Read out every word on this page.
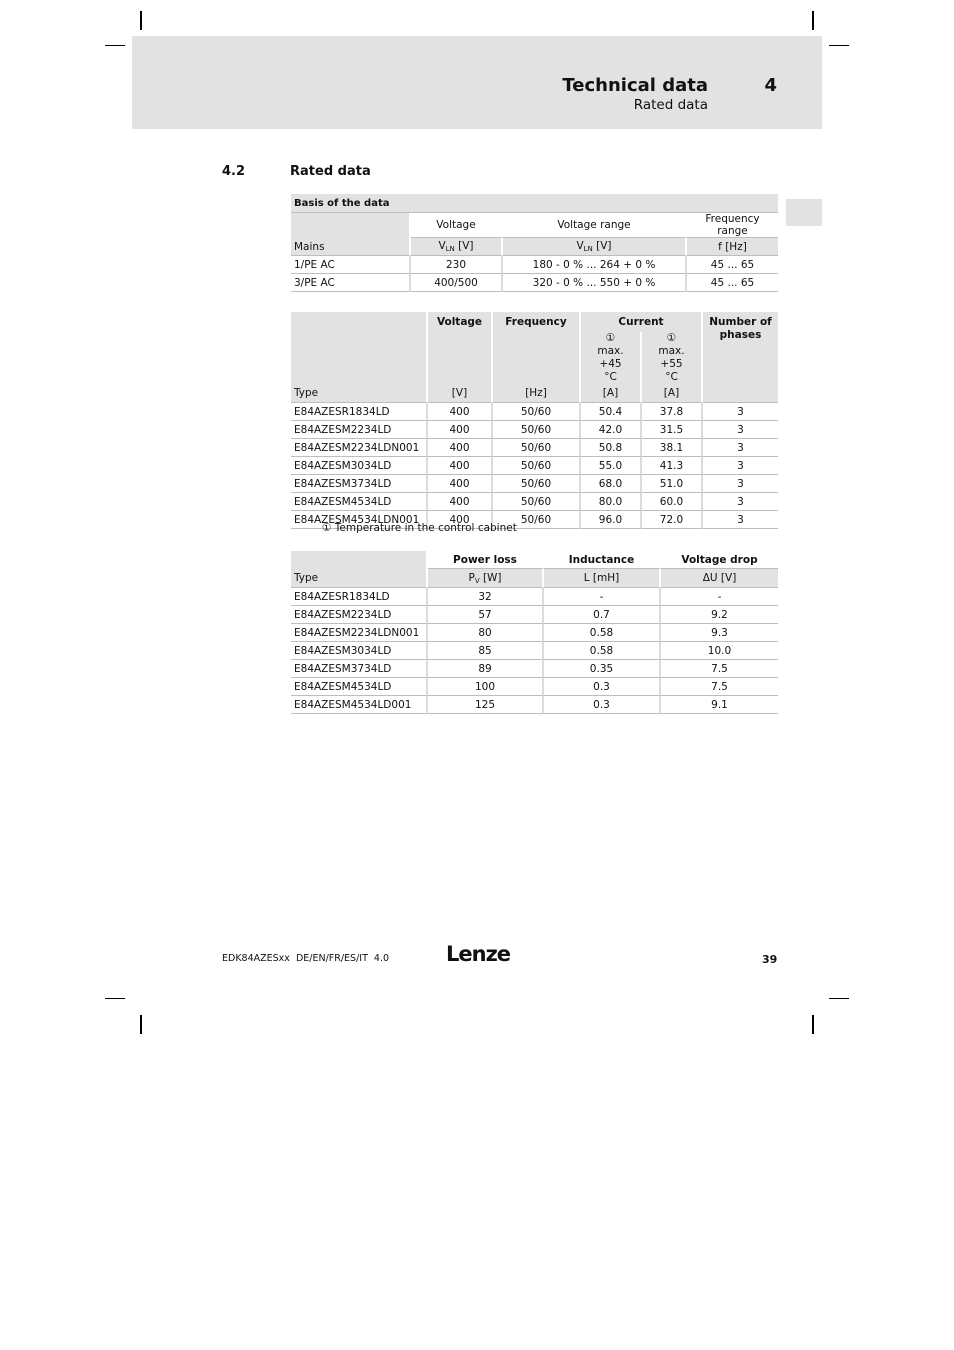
Technical data	4
Rated data
4.2	Rated data
Basis of the data			
	Voltage	Voltage range	Frequency range
Mains	$V_{LN}$ [V]	$V_{LN}$ [V]	f [Hz]
1/PE AC	230	180 - 0 % ... 264 + 0 %	45 ... 65
3/PE AC	400/500	320 - 0 % ... 550 + 0 %	45 ... 65
	Voltage	Frequency	Current		Number of phases
			① max. +45 °C	① max. +55 °C	
Type	[V]	[Hz]	[A]	[A]	
E84AZESR1834LD	400	50/60	50.4	37.8	3
E84AZESM2234LD	400	50/60	42.0	31.5	3
E84AZESM2234LDN001	400	50/60	50.8	38.1	3
E84AZESM3034LD	400	50/60	55.0	41.3	3
E84AZESM3734LD	400	50/60	68.0	51.0	3
E84AZESM4534LD	400	50/60	80.0	60.0	3
E84AZESM4534LDN001	400	50/60	96.0	72.0	3
① Temperature in the control cabinet
	Power loss	Inductance	Voltage drop
Type	$P_V$ [W]	L [mH]	ΔU [V]
E84AZESR1834LD	32	-	-
E84AZESM2234LD	57	0.7	9.2
E84AZESM2234LDN001	80	0.58	9.3
E84AZESM3034LD	85	0.58	10.0
E84AZESM3734LD	89	0.35	7.5
E84AZESM4534LD	100	0.3	7.5
E84AZESM4534LD001	125	0.3	9.1
EDK84AZESxx  DE/EN/FR/ES/IT  4.0	Lenze	39
